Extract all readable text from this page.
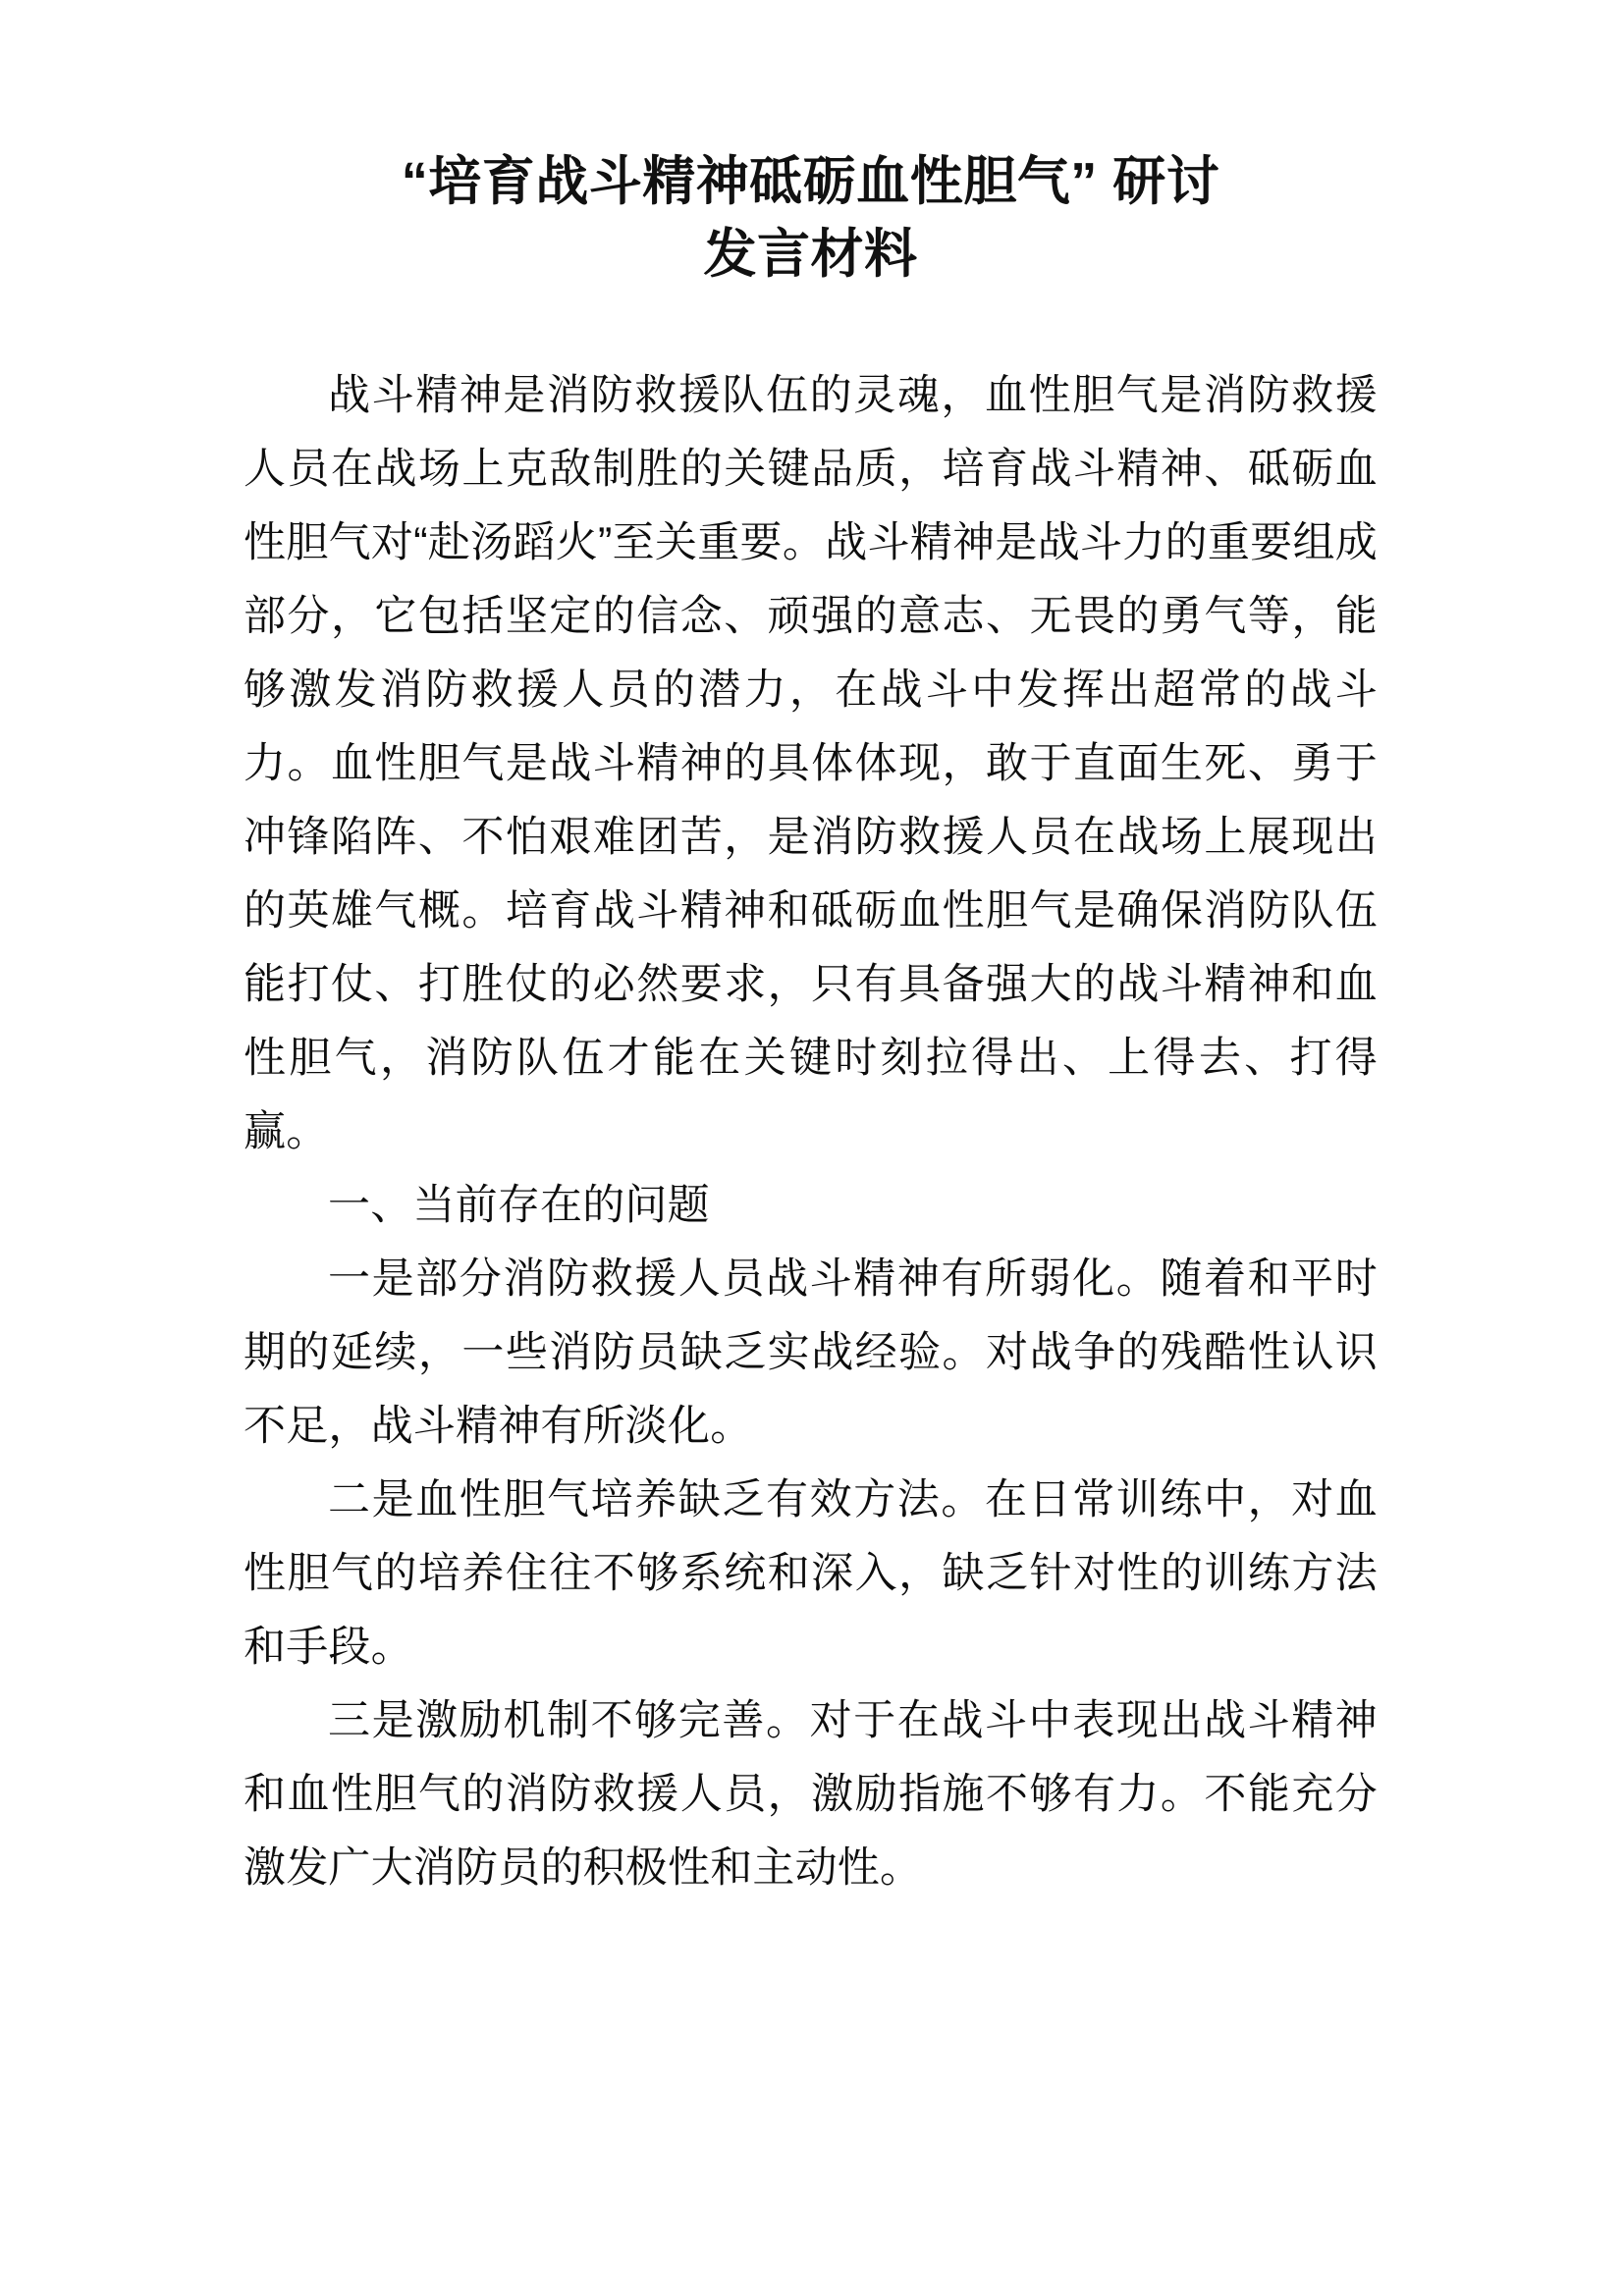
“培育战斗精神砥砺血性胆气” 研讨
发言材料

战斗精神是消防救援队伍的灵魂，血性胆气是消防救援人员在战场上克敌制胜的关键品质，培育战斗精神、砥砺血性胆气对“赴汤蹈火”至关重要。战斗精神是战斗力的重要组成部分，它包括坚定的信念、顽强的意志、无畏的勇气等，能够激发消防救援人员的潜力，在战斗中发挥出超常的战斗力。血性胆气是战斗精神的具体体现，敢于直面生死、勇于冲锋陷阵、不怕艰难团苦，是消防救援人员在战场上展现出的英雄气概。培育战斗精神和砥砺血性胆气是确保消防队伍能打仗、打胜仗的必然要求，只有具备强大的战斗精神和血性胆气，消防队伍才能在关键时刻拉得出、上得去、打得赢。

一、当前存在的问题

一是部分消防救援人员战斗精神有所弱化。随着和平时期的延续，一些消防员缺乏实战经验。对战争的残酷性认识不足，战斗精神有所淡化。

二是血性胆气培养缺乏有效方法。在日常训练中，对血性胆气的培养住往不够系统和深入，缺乏针对性的训练方法和手段。

三是激励机制不够完善。对于在战斗中表现出战斗精神和血性胆气的消防救援人员，激励指施不够有力。不能充分激发广大消防员的积极性和主动性。
